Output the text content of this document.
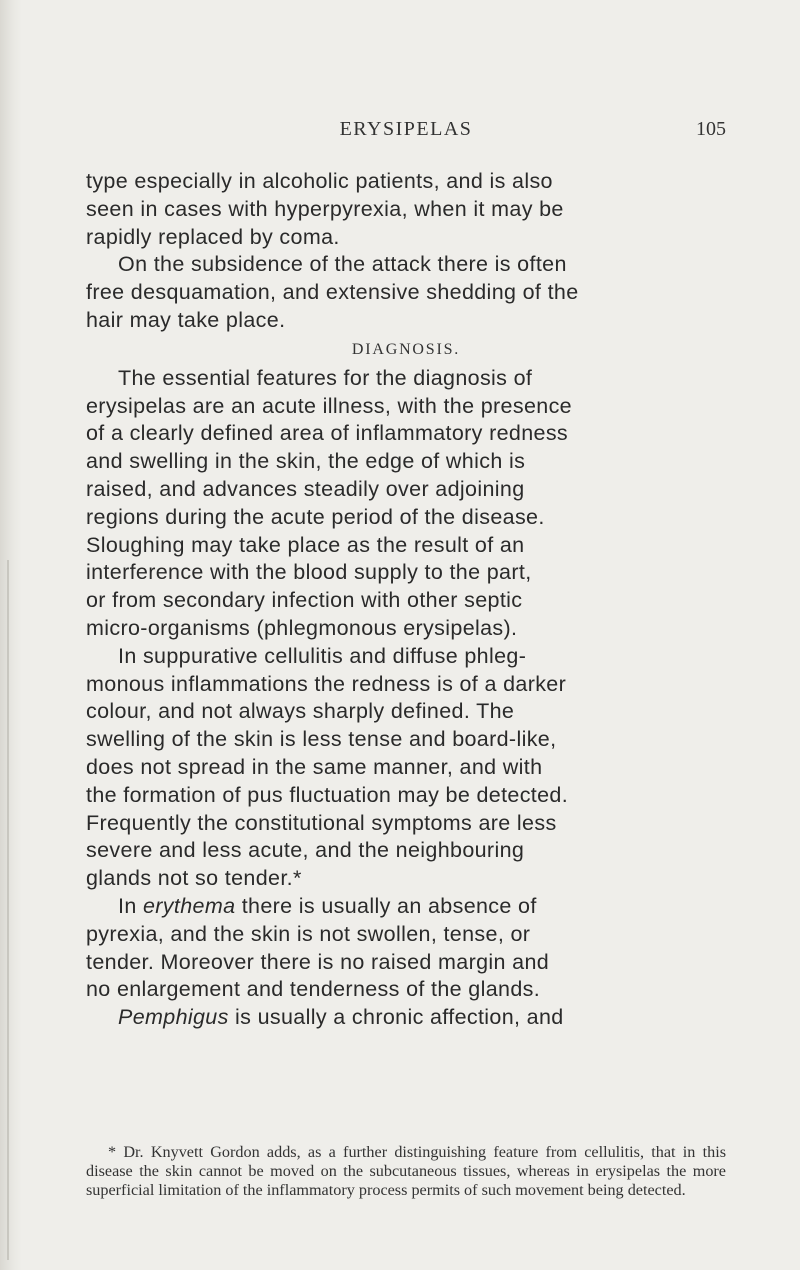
ERYSIPELAS	105

type especially in alcoholic patients, and is also
seen in cases with hyperpyrexia, when it may be
rapidly replaced by coma.

On the subsidence of the attack there is often
free desquamation, and extensive shedding of the
hair may take place.

DIAGNOSIS.

The essential features for the diagnosis of
erysipelas are an acute illness, with the presence
of a clearly defined area of inflammatory redness
and swelling in the skin, the edge of which is
raised, and advances steadily over adjoining
regions during the acute period of the disease.
Sloughing may take place as the result of an
interference with the blood supply to the part,
or from secondary infection with other septic
micro-organisms (phlegmonous erysipelas).

In suppurative cellulitis and diffuse phleg-
monous inflammations the redness is of a darker
colour, and not always sharply defined. The
swelling of the skin is less tense and board-like,
does not spread in the same manner, and with
the formation of pus fluctuation may be detected.
Frequently the constitutional symptoms are less
severe and less acute, and the neighbouring
glands not so tender.*

In erythema there is usually an absence of
pyrexia, and the skin is not swollen, tense, or
tender. Moreover there is no raised margin and
no enlargement and tenderness of the glands.

Pemphigus is usually a chronic affection, and

* Dr. Knyvett Gordon adds, as a further distinguishing feature from cellulitis, that in this disease the skin cannot be moved on the subcutaneous tissues, whereas in erysipelas the more superficial limitation of the inflammatory process permits of such movement being detected.
